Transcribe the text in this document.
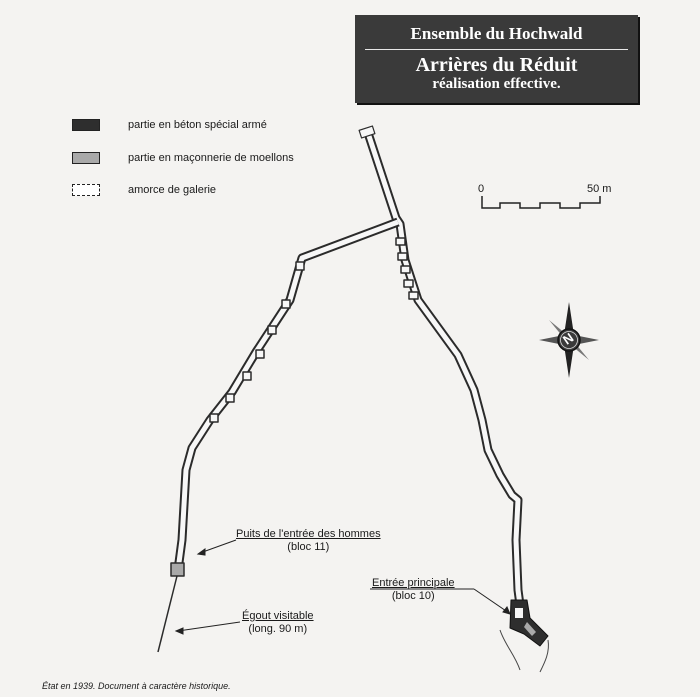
N
Ensemble du Hochwald
Arrières du Réduit
réalisation effective.
partie en béton spécial armé
partie en maçonnerie de moellons
amorce de galerie	0	50 m
Puits de l'entrée des hommes
(bloc 11)
Égout visitable
(long. 90 m)
Entrée principale
(bloc 10)
État en 1939. Document à caractère historique.
